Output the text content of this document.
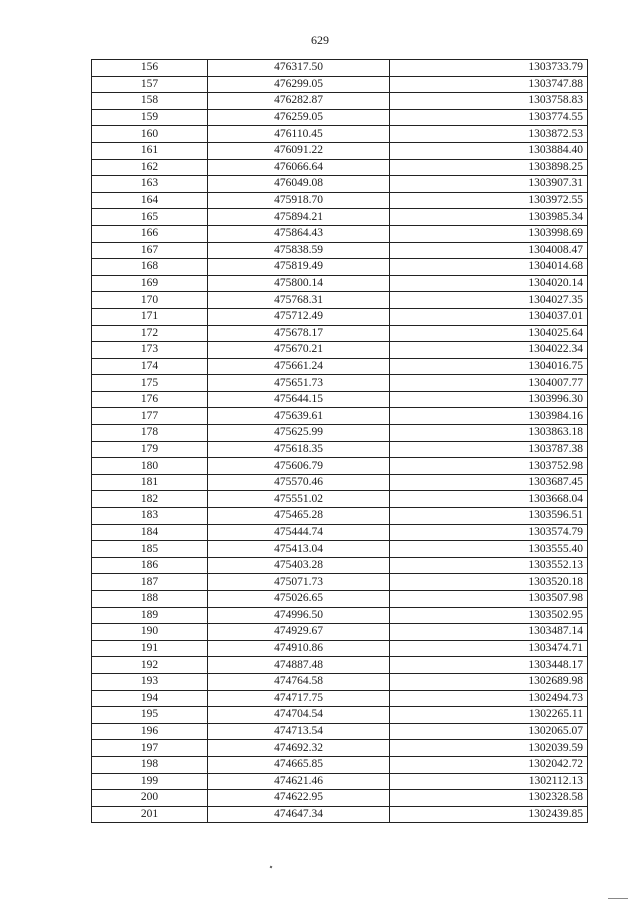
629
156	476317.50	1303733.79
157	476299.05	1303747.88
158	476282.87	1303758.83
159	476259.05	1303774.55
160	476110.45	1303872.53
161	476091.22	1303884.40
162	476066.64	1303898.25
163	476049.08	1303907.31
164	475918.70	1303972.55
165	475894.21	1303985.34
166	475864.43	1303998.69
167	475838.59	1304008.47
168	475819.49	1304014.68
169	475800.14	1304020.14
170	475768.31	1304027.35
171	475712.49	1304037.01
172	475678.17	1304025.64
173	475670.21	1304022.34
174	475661.24	1304016.75
175	475651.73	1304007.77
176	475644.15	1303996.30
177	475639.61	1303984.16
178	475625.99	1303863.18
179	475618.35	1303787.38
180	475606.79	1303752.98
181	475570.46	1303687.45
182	475551.02	1303668.04
183	475465.28	1303596.51
184	475444.74	1303574.79
185	475413.04	1303555.40
186	475403.28	1303552.13
187	475071.73	1303520.18
188	475026.65	1303507.98
189	474996.50	1303502.95
190	474929.67	1303487.14
191	474910.86	1303474.71
192	474887.48	1303448.17
193	474764.58	1302689.98
194	474717.75	1302494.73
195	474704.54	1302265.11
196	474713.54	1302065.07
197	474692.32	1302039.59
198	474665.85	1302042.72
199	474621.46	1302112.13
200	474622.95	1302328.58
201	474647.34	1302439.85
